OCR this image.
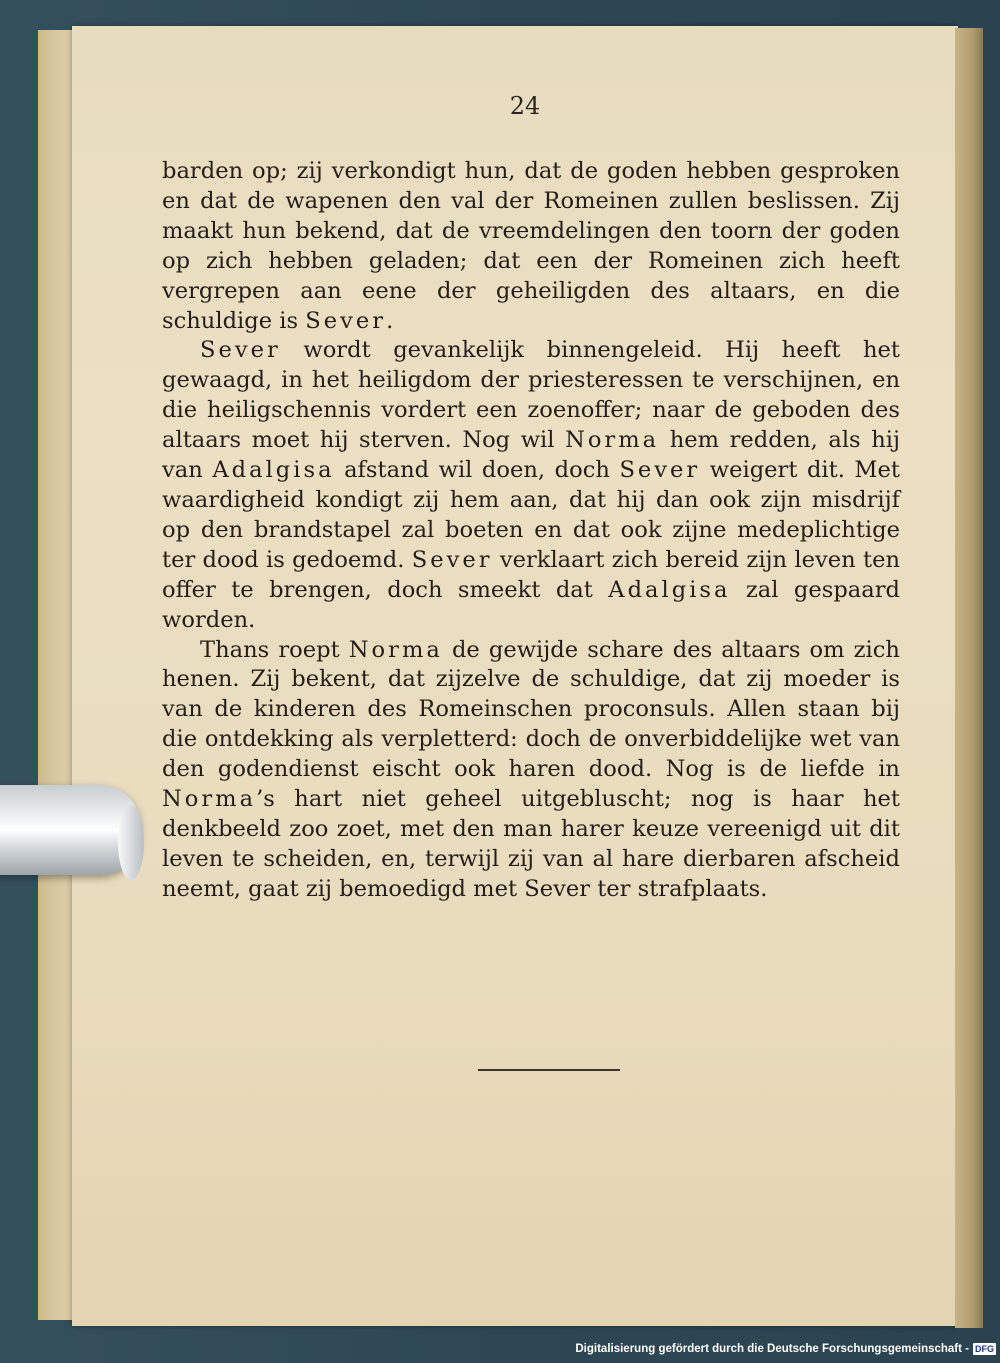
24

barden op; zij verkondigt hun, dat de goden hebben gesproken en dat de wapenen den val der Romeinen zullen beslissen. Zij maakt hun bekend, dat de vreemdelingen den toorn der goden op zich hebben geladen; dat een der Romeinen zich heeft vergrepen aan eene der geheiligden des altaars, en die schuldige is Sever.

Sever wordt gevankelijk binnengeleid. Hij heeft het gewaagd, in het heiligdom der priesteressen te verschijnen, en die heiligschennis vordert een zoenoffer; naar de geboden des altaars moet hij sterven. Nog wil Norma hem redden, als hij van Adalgisa afstand wil doen, doch Sever weigert dit. Met waardigheid kondigt zij hem aan, dat hij dan ook zijn misdrijf op den brandstapel zal boeten en dat ook zijne medeplichtige ter dood is gedoemd. Sever verklaart zich bereid zijn leven ten offer te brengen, doch smeekt dat Adalgisa zal gespaard worden.

Thans roept Norma de gewijde schare des altaars om zich henen. Zij bekent, dat zijzelve de schuldige, dat zij moeder is van de kinderen des Romeinschen proconsuls. Allen staan bij die ontdekking als verpletterd: doch de onverbiddelijke wet van den godendienst eischt ook haren dood. Nog is de liefde in Norma’s hart niet geheel uitgebluscht; nog is haar het denkbeeld zoo zoet, met den man harer keuze vereenigd uit dit leven te scheiden, en, terwijl zij van al hare dierbaren afscheid neemt, gaat zij bemoedigd met Sever ter strafplaats.

Digitalisierung gefördert durch die Deutsche Forschungsgemeinschaft - DFG
